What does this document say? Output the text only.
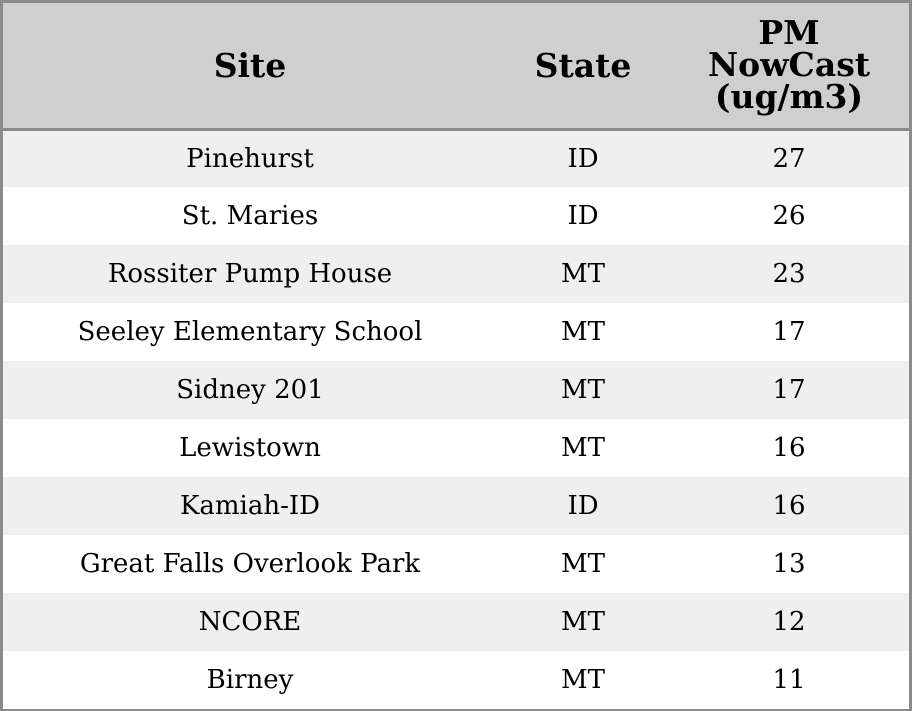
Site	State	PM
NowCast
(ug/m3)

Pinehurst	ID	27
St. Maries	ID	26
Rossiter Pump House	MT	23
Seeley Elementary School	MT	17
Sidney 201	MT	17
Lewistown	MT	16
Kamiah-ID	ID	16
Great Falls Overlook Park	MT	13
NCORE	MT	12
Birney	MT	11
